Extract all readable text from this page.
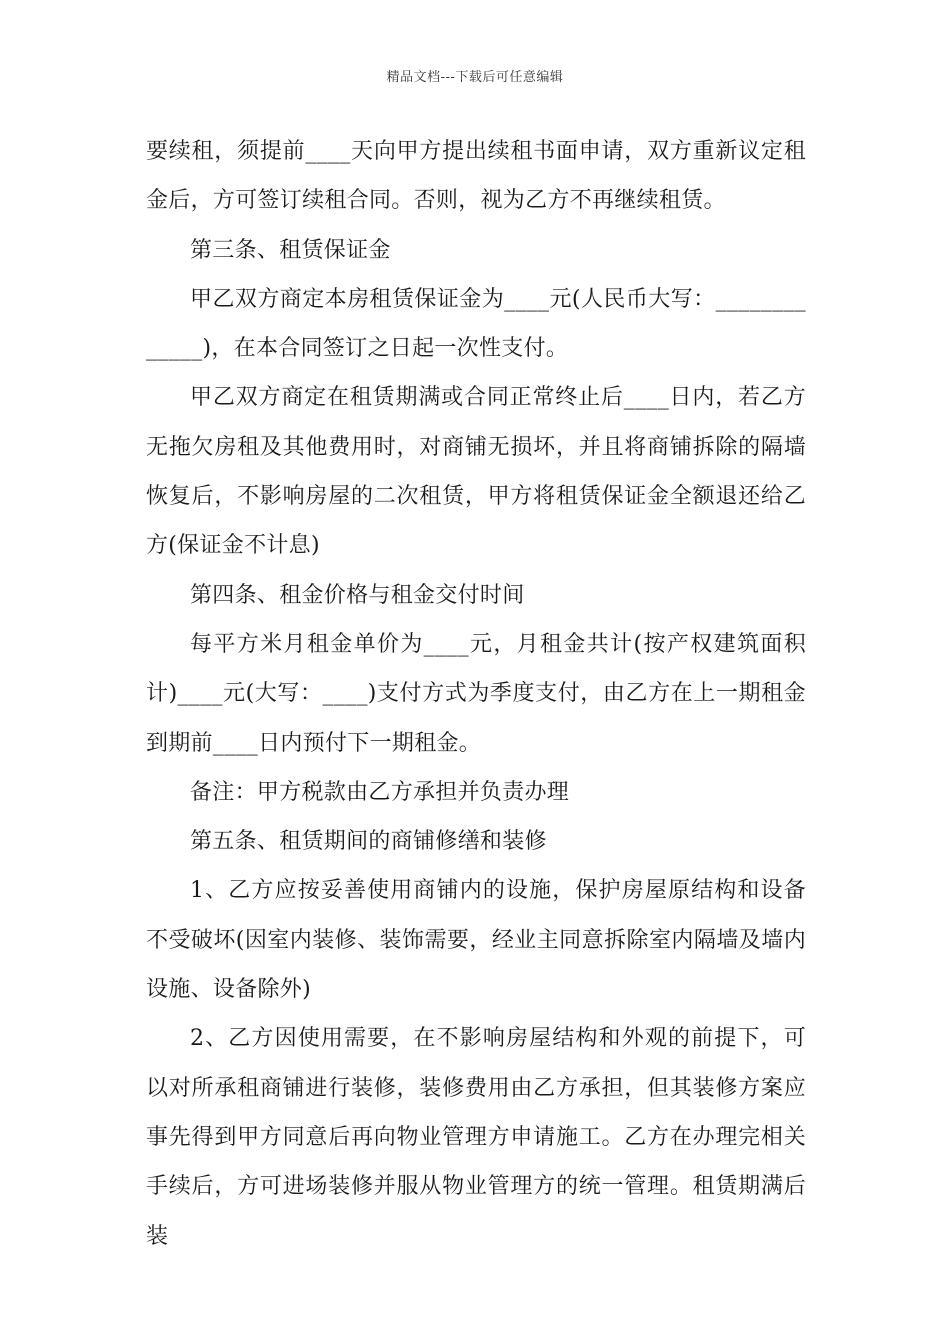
精品文档---下载后可任意编辑

要续租，须提前____天向甲方提出续租书面申请，双方重新议定租金后，方可签订续租合同。否则，视为乙方不再继续租赁。

第三条、租赁保证金

甲乙双方商定本房租赁保证金为____元(人民币大写：_____________)，在本合同签订之日起一次性支付。

甲乙双方商定在租赁期满或合同正常终止后____日内，若乙方无拖欠房租及其他费用时，对商铺无损坏，并且将商铺拆除的隔墙恢复后，不影响房屋的二次租赁，甲方将租赁保证金全额退还给乙方(保证金不计息)

第四条、租金价格与租金交付时间

每平方米月租金单价为____元，月租金共计(按产权建筑面积计)____元(大写：____)支付方式为季度支付，由乙方在上一期租金到期前____日内预付下一期租金。

备注：甲方税款由乙方承担并负责办理

第五条、租赁期间的商铺修缮和装修

1、乙方应按妥善使用商铺内的设施，保护房屋原结构和设备不受破坏(因室内装修、装饰需要，经业主同意拆除室内隔墙及墙内设施、设备除外)

2、乙方因使用需要，在不影响房屋结构和外观的前提下，可以对所承租商铺进行装修，装修费用由乙方承担，但其装修方案应事先得到甲方同意后再向物业管理方申请施工。乙方在办理完相关手续后，方可进场装修并服从物业管理方的统一管理。租赁期满后装
